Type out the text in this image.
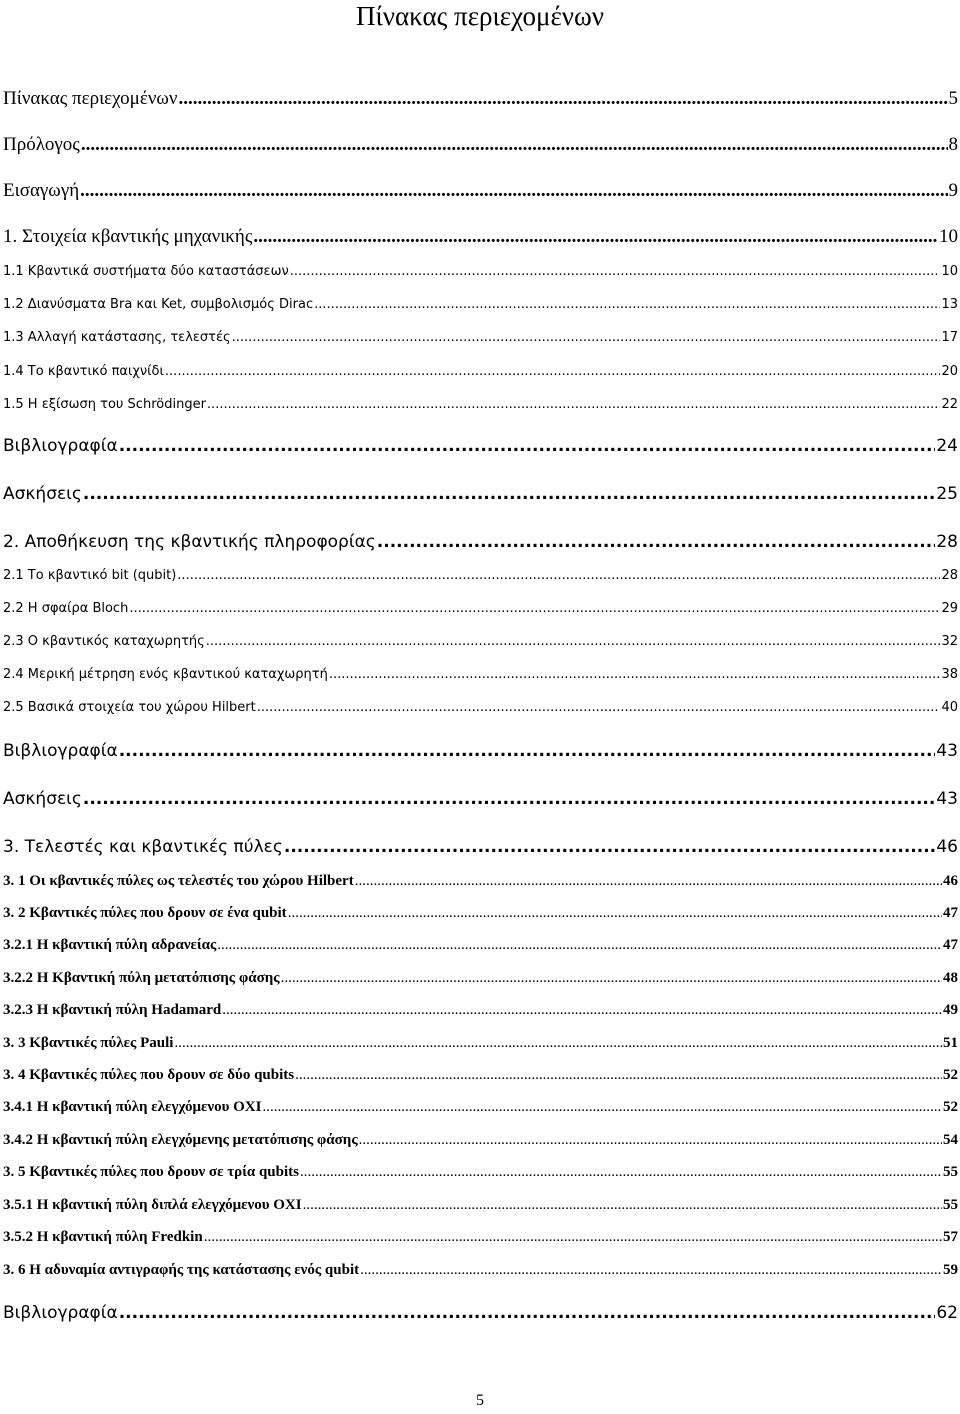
Πίνακας περιεχομένων
Πίνακας περιεχομένων .....	5
Πρόλογος .....	8
Εισαγωγή .....	9
1. Στοιχεία κβαντικής μηχανικής .....	10
1.1 Κβαντικά συστήματα δύο καταστάσεων .....	10
1.2 Διανύσματα Bra και Ket, συμβολισμός Dirac .....	13
1.3 Αλλαγή κατάστασης, τελεστές .....	17
1.4 Το κβαντικό παιχνίδι .....	20
1.5 Η εξίσωση του Schrödinger .....	22
Βιβλιογραφία .....	24
Ασκήσεις .....	25
2. Αποθήκευση της κβαντικής πληροφορίας .....	28
2.1 Το κβαντικό bit (qubit) .....	28
2.2 Η σφαίρα Bloch .....	29
2.3 Ο κβαντικός καταχωρητής .....	32
2.4 Μερική μέτρηση ενός κβαντικού καταχωρητή .....	38
2.5 Βασικά στοιχεία του χώρου Hilbert .....	40
Βιβλιογραφία .....	43
Ασκήσεις .....	43
3. Τελεστές και κβαντικές πύλες .....	46
3. 1 Οι κβαντικές πύλες ως τελεστές του χώρου Hilbert .....	46
3. 2 Κβαντικές πύλες που δρουν σε ένα qubit .....	47
3.2.1 Η κβαντική πύλη αδρανείας .....	47
3.2.2 Η Κβαντική πύλη μετατόπισης φάσης .....	48
3.2.3 Η κβαντική πύλη Hadamard .....	49
3. 3 Κβαντικές πύλες Pauli .....	51
3. 4 Κβαντικές πύλες που δρουν σε δύο qubits .....	52
3.4.1 Η κβαντική πύλη ελεγχόμενου ΟΧΙ .....	52
3.4.2 Η κβαντική πύλη ελεγχόμενης μετατόπισης φάσης .....	54
3. 5 Κβαντικές πύλες που δρουν σε τρία qubits .....	55
3.5.1 Η κβαντική πύλη διπλά ελεγχόμενου ΟΧΙ .....	55
3.5.2 Η κβαντική πύλη Fredkin .....	57
3. 6 Η αδυναμία αντιγραφής της κατάστασης ενός qubit .....	59
Βιβλιογραφία .....	62
5
